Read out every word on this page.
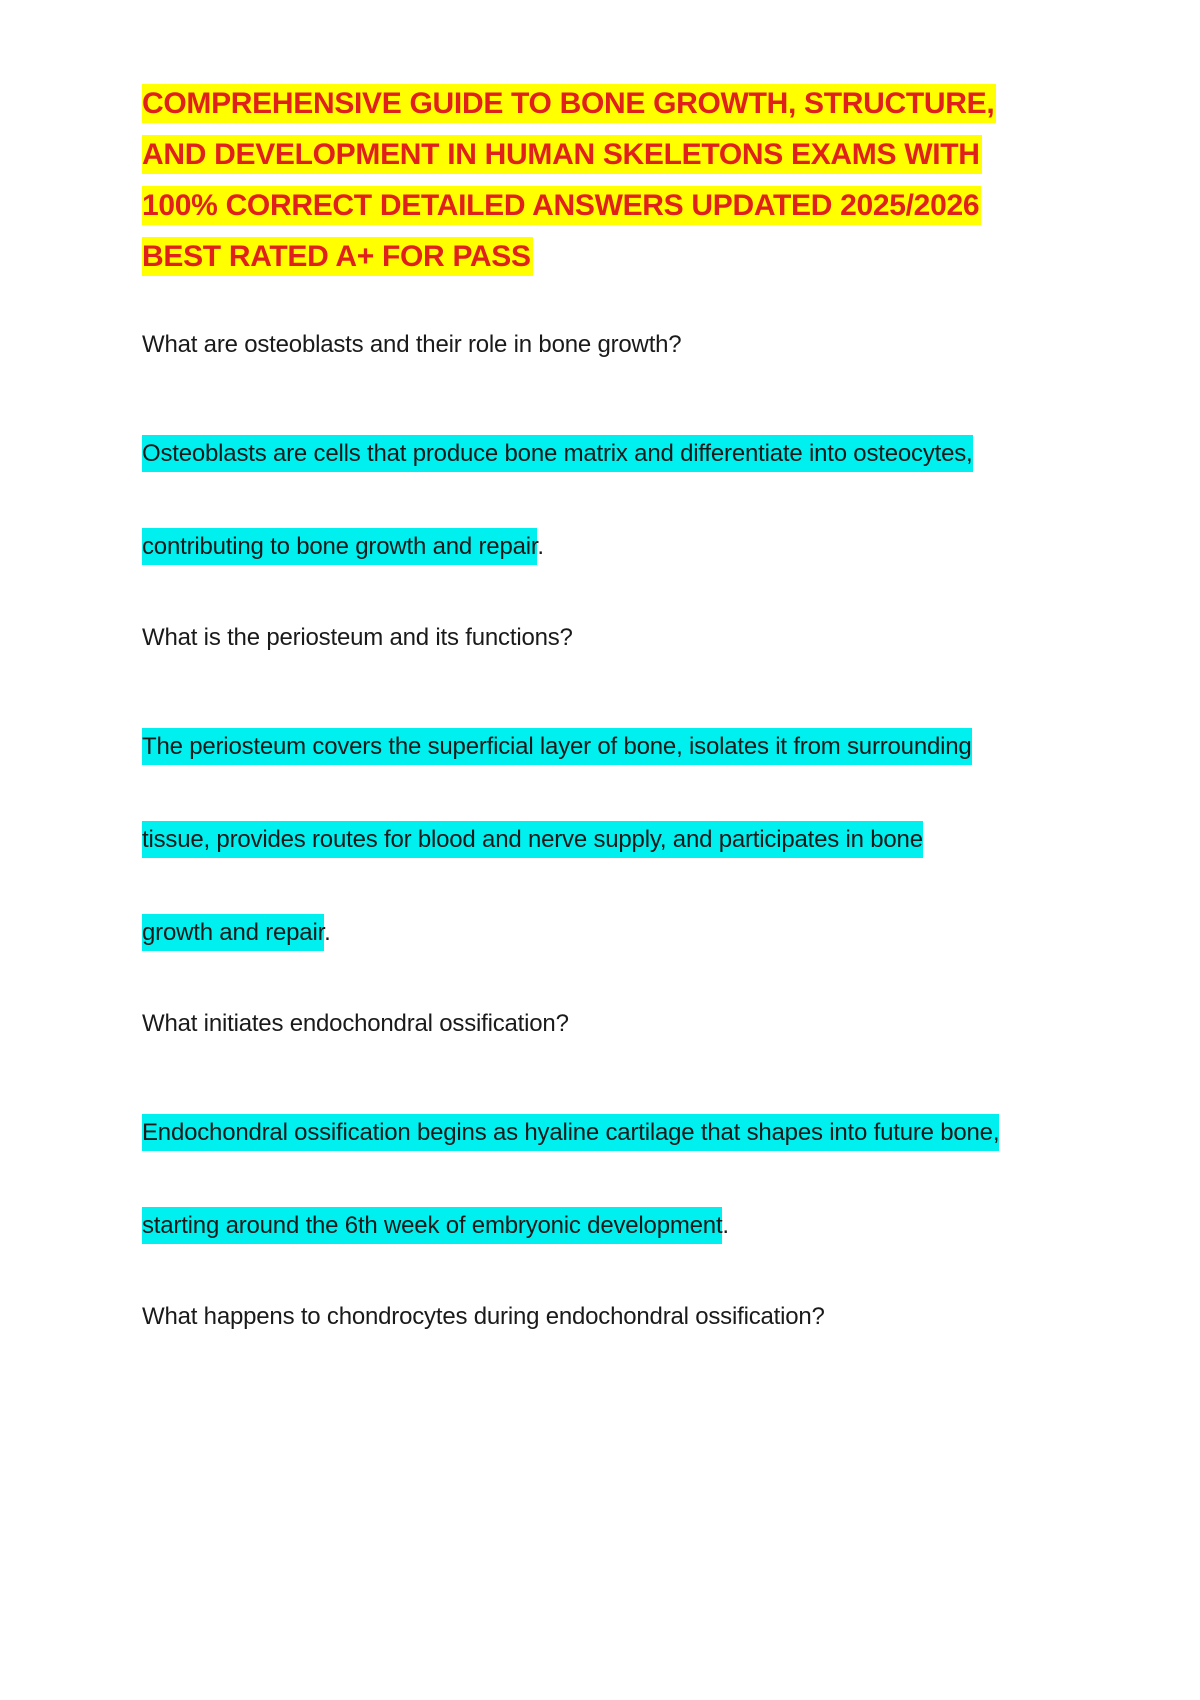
COMPREHENSIVE GUIDE TO BONE GROWTH, STRUCTURE,
AND DEVELOPMENT IN HUMAN SKELETONS EXAMS WITH
100% CORRECT DETAILED ANSWERS UPDATED 2025/2026
BEST RATED A+ FOR PASS

What are osteoblasts and their role in bone growth?

Osteoblasts are cells that produce bone matrix and differentiate into osteocytes,
contributing to bone growth and repair.

What is the periosteum and its functions?

The periosteum covers the superficial layer of bone, isolates it from surrounding
tissue, provides routes for blood and nerve supply, and participates in bone
growth and repair.

What initiates endochondral ossification?

Endochondral ossification begins as hyaline cartilage that shapes into future bone,
starting around the 6th week of embryonic development.

What happens to chondrocytes during endochondral ossification?
